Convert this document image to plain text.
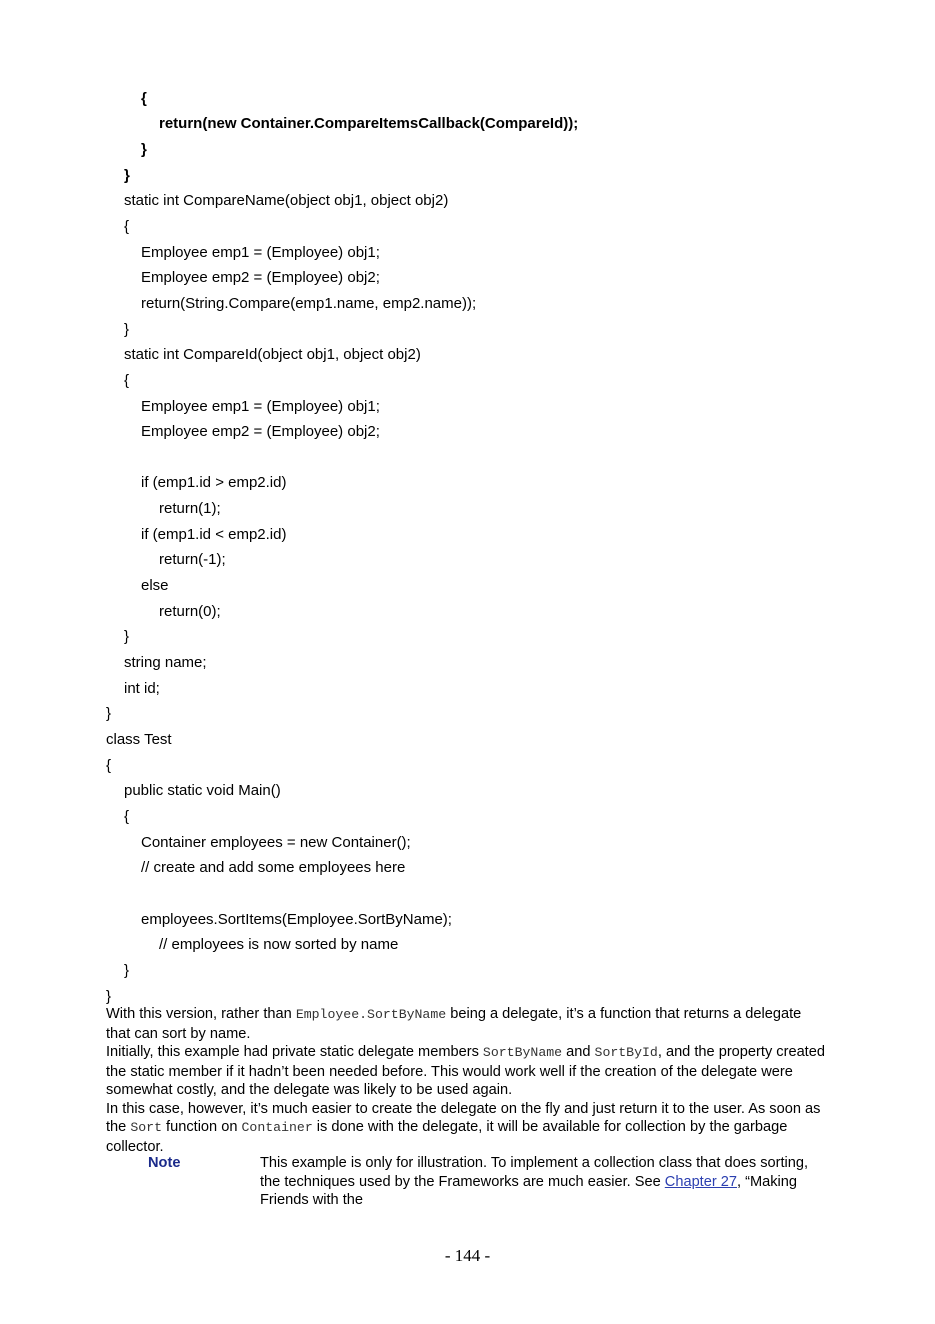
{
return(new Container.CompareItemsCallback(CompareId));
}
}
static int CompareName(object obj1, object obj2)
{
Employee emp1 = (Employee) obj1;
Employee emp2 = (Employee) obj2;
return(String.Compare(emp1.name, emp2.name));
}
static int CompareId(object obj1, object obj2)
{
Employee emp1 = (Employee) obj1;
Employee emp2 = (Employee) obj2;
if (emp1.id > emp2.id)
return(1);
if (emp1.id < emp2.id)
return(-1);
else
return(0);
}
string name;
int id;
}
class Test
{
public static void Main()
{
Container employees = new Container();
// create and add some employees here
employees.SortItems(Employee.SortByName);
// employees is now sorted by name
}
}

With this version, rather than Employee.SortByName being a delegate, it’s a function that returns a delegate that can sort by name.

Initially, this example had private static delegate members SortByName and SortById, and the property created the static member if it hadn’t been needed before. This would work well if the creation of the delegate were somewhat costly, and the delegate was likely to be used again.

In this case, however, it’s much easier to create the delegate on the fly and just return it to the user. As soon as the Sort function on Container is done with the delegate, it will be available for collection by the garbage collector.

Note	This example is only for illustration. To implement a collection class that does sorting, the techniques used by the Frameworks are much easier. See Chapter 27, “Making Friends with the
- 144 -
